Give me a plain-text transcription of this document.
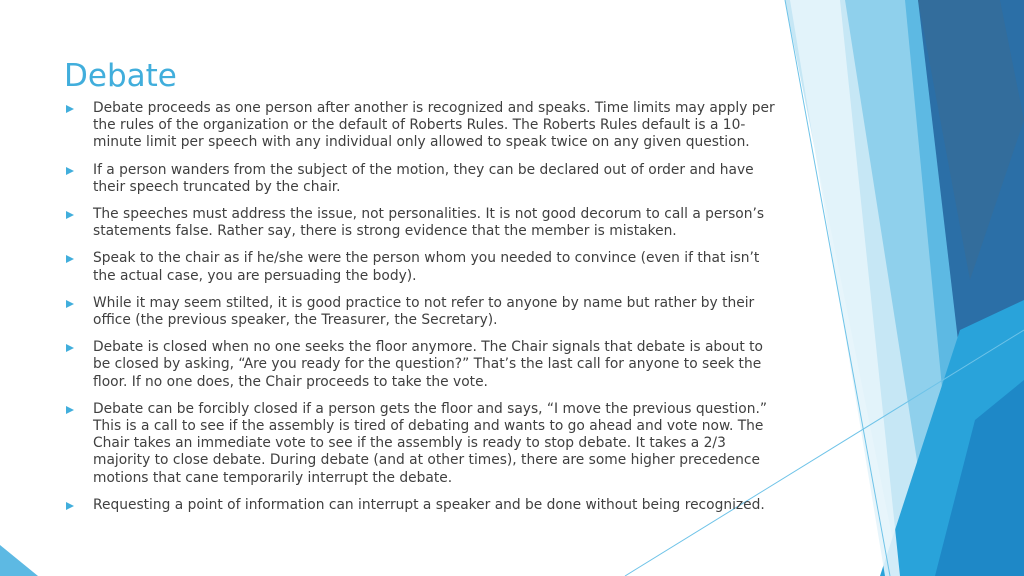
Debate
Debate proceeds as one person after another is recognized and speaks. Time limits may apply per the rules of the organization or the default of Roberts Rules. The Roberts Rules default is a 10-minute limit per speech with any individual only allowed to speak twice on any given question.
If a person wanders from the subject of the motion, they can be declared out of order and have their speech truncated by the chair.
The speeches must address the issue, not personalities. It is not good decorum to call a person’s statements false. Rather say, there is strong evidence that the member is mistaken.
Speak to the chair as if he/she were the person whom you needed to convince (even if that isn’t the actual case, you are persuading the body).
While it may seem stilted, it is good practice to not refer to anyone by name but rather by their office (the previous speaker, the Treasurer, the Secretary).
Debate is closed when no one seeks the floor anymore. The Chair signals that debate is about to be closed by asking, “Are you ready for the question?” That’s the last call for anyone to seek the floor. If no one does, the Chair proceeds to take the vote.
Debate can be forcibly closed if a person gets the floor and says, “I move the previous question.” This is a call to see if the assembly is tired of debating and wants to go ahead and vote now. The Chair takes an immediate vote to see if the assembly is ready to stop debate. It takes a 2/3 majority to close debate. During debate (and at other times), there are some higher precedence motions that cane temporarily interrupt the debate.
Requesting a point of information can interrupt a speaker and be done without being recognized.
